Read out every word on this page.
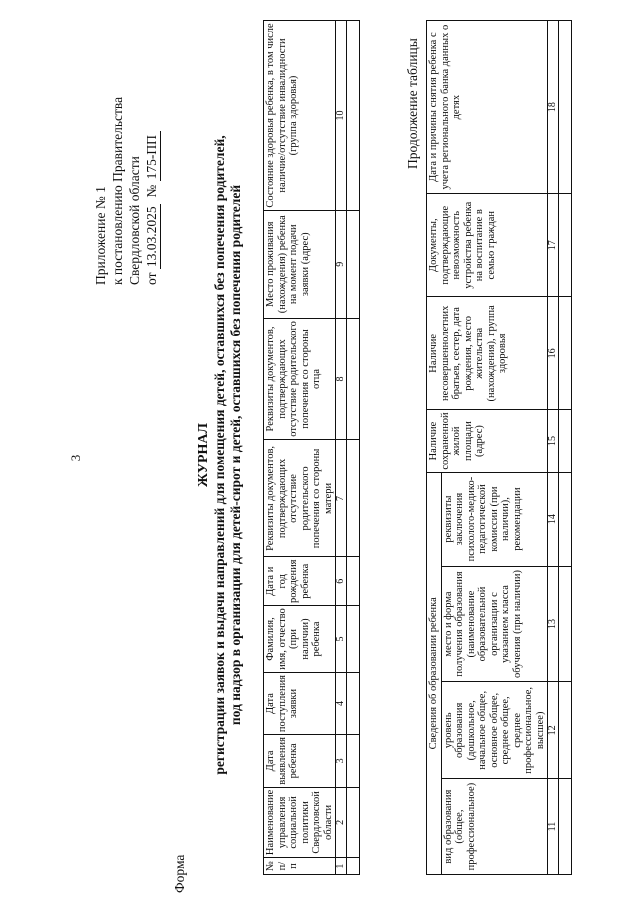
3
Приложение № 1 к постановлению Правительства Свердловской области от 13.03.2025  № 175-ПП
Форма
ЖУРНАЛ регистрации заявок и выдачи направлений для помещения детей, оставшихся без попечения родителей, под надзор в организации для детей-сирот и детей, оставшихся без попечения родителей
№ п/п	Наименование управления социальной политики Свердловской области	Дата выявления ребенка	Дата поступления заявки	Фамилия, имя, отчество (при наличии) ребенка	Дата и год рождения ребенка	Реквизиты документов, подтверждающих отсутствие родительского попечения со стороны матери	Реквизиты документов, подтверждающих отсутствие родительского попечения со стороны отца	Место проживания (нахождения) ребенка на момент подачи заявки (адрес)	Состояние здоровья ребенка, в том числе наличие/отсутствие инвалидности (группа здоровья)
1	2	3	4	5	6	7	8	9	10
										Продолжение таблицы
Сведения об образовании ребенка				Наличие сохраненной жилой площади (адрес)	Наличие несовершеннолетних братьев, сестер, дата рождения, место жительства (нахождения), группа здоровья	Документы, подтверждающие невозможность устройства ребенка на воспитание в семью граждан	Дата и причины снятия ребенка с учета регионального банка данных о детях
вид образования (общее, профессиональное)	уровень образования (дошкольное, начальное общее, основное общее, среднее общее, среднее профессиональное, высшее)	место и форма получения образования (наименование образовательной организации с указанием класса обучения (при наличии)	реквизиты заключения психолого-медико-педагогической комиссии (при наличии), рекомендации				
11	12	13	14	15	16	17	18
